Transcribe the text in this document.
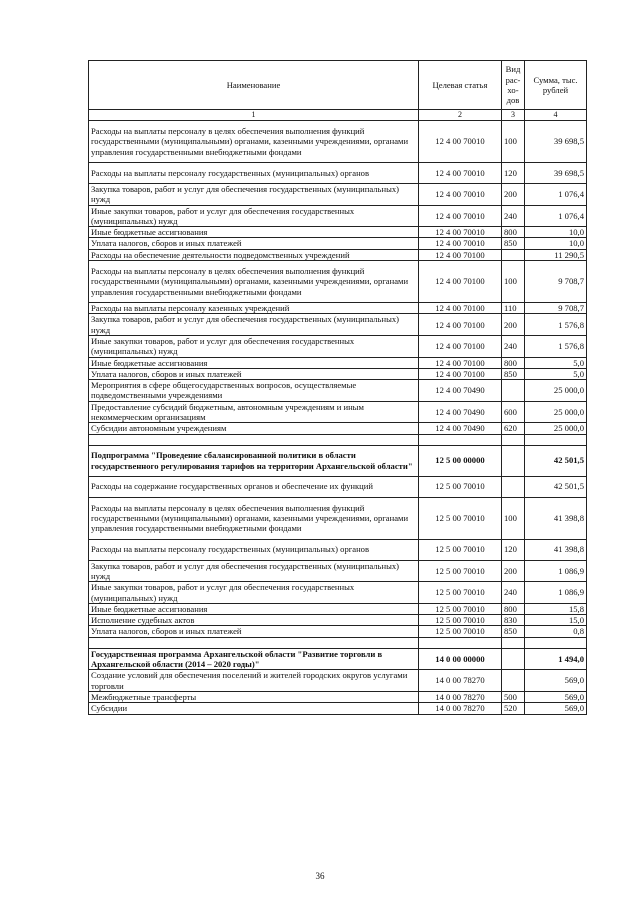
Наименование	Целевая статья	Вид рас-хо-дов	Сумма, тыс. рублей
1	2	3	4
Расходы на выплаты персоналу в целях обеспечения выполнения функций государственными (муниципальными) органами, казенными учреждениями, органами управления государственными внебюджетными фондами	12 4 00 70010	100	39 698,5
Расходы на выплаты персоналу государственных (муниципальных) органов	12 4 00 70010	120	39 698,5
Закупка товаров, работ и услуг для обеспечения государственных (муниципальных) нужд	12 4 00 70010	200	1 076,4
Иные закупки товаров, работ и услуг для обеспечения государственных (муниципальных) нужд	12 4 00 70010	240	1 076,4
Иные бюджетные ассигнования	12 4 00 70010	800	10,0
Уплата налогов, сборов и иных платежей	12 4 00 70010	850	10,0
Расходы на обеспечение деятельности подведомственных учреждений	12 4 00 70100		11 290,5
Расходы на выплаты персоналу в целях обеспечения выполнения функций государственными (муниципальными) органами, казенными учреждениями, органами управления государственными внебюджетными фондами	12 4 00 70100	100	9 708,7
Расходы на выплаты персоналу казенных учреждений	12 4 00 70100	110	9 708,7
Закупка товаров, работ и услуг для обеспечения государственных (муниципальных) нужд	12 4 00 70100	200	1 576,8
Иные закупки товаров, работ и услуг для обеспечения государственных (муниципальных) нужд	12 4 00 70100	240	1 576,8
Иные бюджетные ассигнования	12 4 00 70100	800	5,0
Уплата налогов, сборов и иных платежей	12 4 00 70100	850	5,0
Мероприятия в сфере общегосударственных вопросов, осуществляемые подведомственными учреждениями	12 4 00 70490		25 000,0
Предоставление субсидий бюджетным, автономным учреждениям и иным некоммерческим организациям	12 4 00 70490	600	25 000,0
Субсидии автономным учреждениям	12 4 00 70490	620	25 000,0

Подпрограмма "Проведение сбалансированной политики в области государственного регулирования тарифов на территории Архангельской области"	12 5 00 00000		42 501,5
Расходы на содержание государственных органов и обеспечение их функций	12 5 00 70010		42 501,5
Расходы на выплаты персоналу в целях обеспечения выполнения функций государственными (муниципальными) органами, казенными учреждениями, органами управления государственными внебюджетными фондами	12 5 00 70010	100	41 398,8
Расходы на выплаты персоналу государственных (муниципальных) органов	12 5 00 70010	120	41 398,8
Закупка товаров, работ и услуг для обеспечения государственных (муниципальных) нужд	12 5 00 70010	200	1 086,9
Иные закупки товаров, работ и услуг для обеспечения государственных (муниципальных) нужд	12 5 00 70010	240	1 086,9
Иные бюджетные ассигнования	12 5 00 70010	800	15,8
Исполнение судебных актов	12 5 00 70010	830	15,0
Уплата налогов, сборов и иных платежей	12 5 00 70010	850	0,8

Государственная программа Архангельской области "Развитие торговли в Архангельской области (2014 – 2020 годы)"	14 0 00 00000		1 494,0
Создание условий для обеспечения поселений и жителей городских округов услугами торговли	14 0 00 78270		569,0
Межбюджетные трансферты	14 0 00 78270	500	569,0
Субсидии	14 0 00 78270	520	569,0
36
